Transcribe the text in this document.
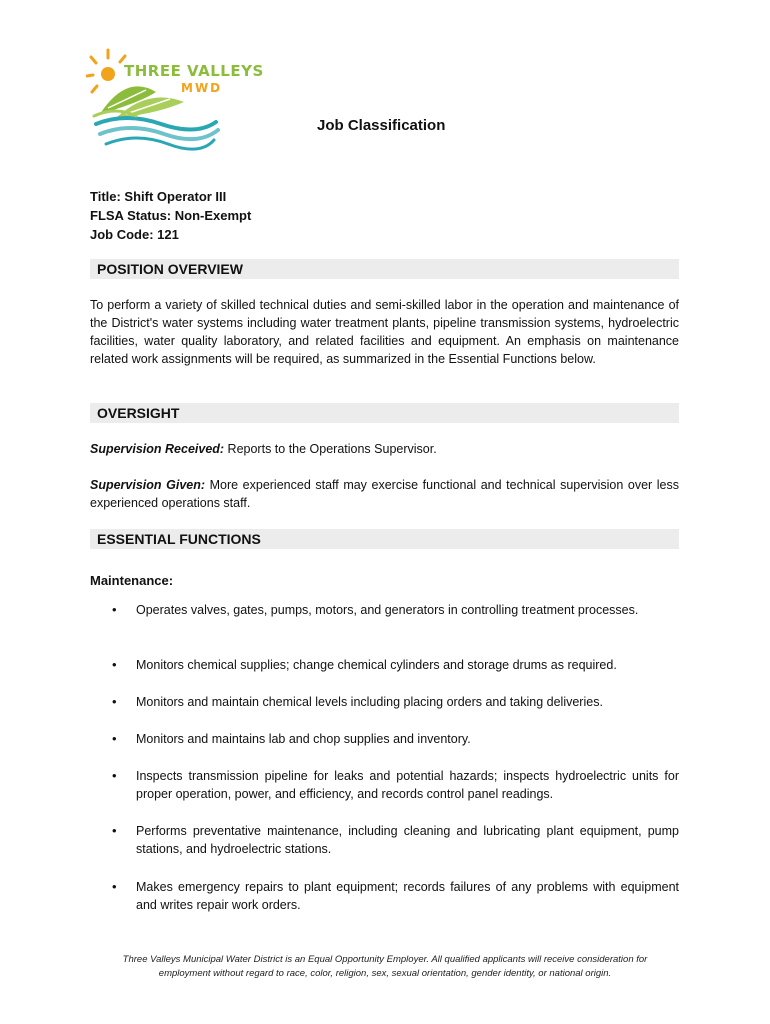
THREE VALLEYS
MWD
Job Classification
Title: Shift Operator III
FLSA Status: Non-Exempt
Job Code: 121
POSITION OVERVIEW
To perform a variety of skilled technical duties and semi-skilled labor in the operation and maintenance of the District's water systems including water treatment plants, pipeline transmission systems, hydroelectric facilities, water quality laboratory, and related facilities and equipment. An emphasis on maintenance related work assignments will be required, as summarized in the Essential Functions below.
OVERSIGHT
Supervision Received: Reports to the Operations Supervisor.
Supervision Given: More experienced staff may exercise functional and technical supervision over less experienced operations staff.
ESSENTIAL FUNCTIONS
Maintenance:
• Operates valves, gates, pumps, motors, and generators in controlling treatment processes.
• Monitors chemical supplies; change chemical cylinders and storage drums as required.
• Monitors and maintain chemical levels including placing orders and taking deliveries.
• Monitors and maintains lab and chop supplies and inventory.
• Inspects transmission pipeline for leaks and potential hazards; inspects hydroelectric units for proper operation, power, and efficiency, and records control panel readings.
• Performs preventative maintenance, including cleaning and lubricating plant equipment, pump stations, and hydroelectric stations.
• Makes emergency repairs to plant equipment; records failures of any problems with equipment and writes repair work orders.
Three Valleys Municipal Water District is an Equal Opportunity Employer. All qualified applicants will receive consideration for
employment without regard to race, color, religion, sex, sexual orientation, gender identity, or national origin.
